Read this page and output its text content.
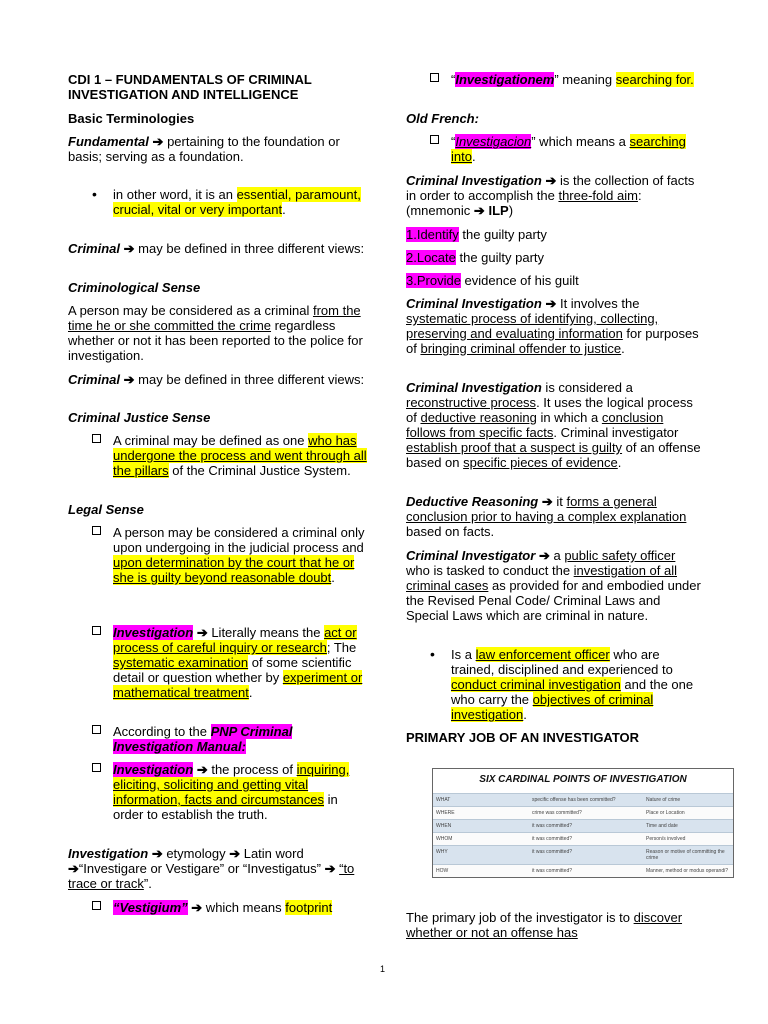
CDI 1 – FUNDAMENTALS OF CRIMINAL INVESTIGATION AND INTELLIGENCE

Basic Terminologies

Fundamental ➔ pertaining to the foundation or basis; serving as a foundation.

•	in other word, it is an essential, paramount, crucial, vital or very important.

Criminal ➔ may be defined in three different views:

Criminological Sense

A person may be considered as a criminal from the time he or she committed the crime regardless whether or not it has been reported to the police for investigation.

Criminal ➔ may be defined in three different views:

Criminal Justice Sense

A criminal may be defined as one who has undergone the process and went through all the pillars of the Criminal Justice System.

Legal Sense

A person may be considered a criminal only upon undergoing in the judicial process and upon determination by the court that he or she is guilty beyond reasonable doubt.

Investigation ➔ Literally means the act or process of careful inquiry or research; The systematic examination of some scientific detail or question whether by experiment or mathematical treatment.

According to the PNP Criminal Investigation Manual:

Investigation ➔ the process of inquiring, eliciting, soliciting and getting vital information, facts and circumstances in order to establish the truth.

Investigation ➔ etymology ➔ Latin word ➔“Investigare or Vestigare” or “Investigatus” ➔ “to trace or track”.

“Vestigium” ➔ which means footprint

“Investigationem” meaning searching for.

Old French:

“Investigacion” which means a searching into.

Criminal Investigation ➔ is the collection of facts in order to accomplish the three-fold aim: (mnemonic ➔ ILP)

1.Identify the guilty party

2.Locate the guilty party

3.Provide evidence of his guilt

Criminal Investigation ➔ It involves the systematic process of identifying, collecting, preserving and evaluating information for purposes of bringing criminal offender to justice.

Criminal Investigation is considered a reconstructive process. It uses the logical process of deductive reasoning in which a conclusion follows from specific facts. Criminal investigator establish proof that a suspect is guilty of an offense based on specific pieces of evidence.

Deductive Reasoning ➔ it forms a general conclusion prior to having a complex explanation based on facts.

Criminal Investigator ➔ a public safety officer who is tasked to conduct the investigation of all criminal cases as provided for and embodied under the Revised Penal Code/ Criminal Laws and Special Laws which are criminal in nature.

•	Is a law enforcement officer who are trained, disciplined and experienced to conduct criminal investigation and the one who carry the objectives of criminal investigation.

PRIMARY JOB OF AN INVESTIGATOR

SIX CARDINAL POINTS OF INVESTIGATION
WHAT	specific offense has been committed?	Nature of crime
WHERE	crime was committed?	Place or Location
WHEN	it was committed?	Time and date
WHOM	it was committed?	Person/s involved
WHY	it was committed?	Reason or motive of committing the crime
HOW	it was committed?	Manner, method or modus operandi?

The primary job of the investigator is to discover whether or not an offense has

1
